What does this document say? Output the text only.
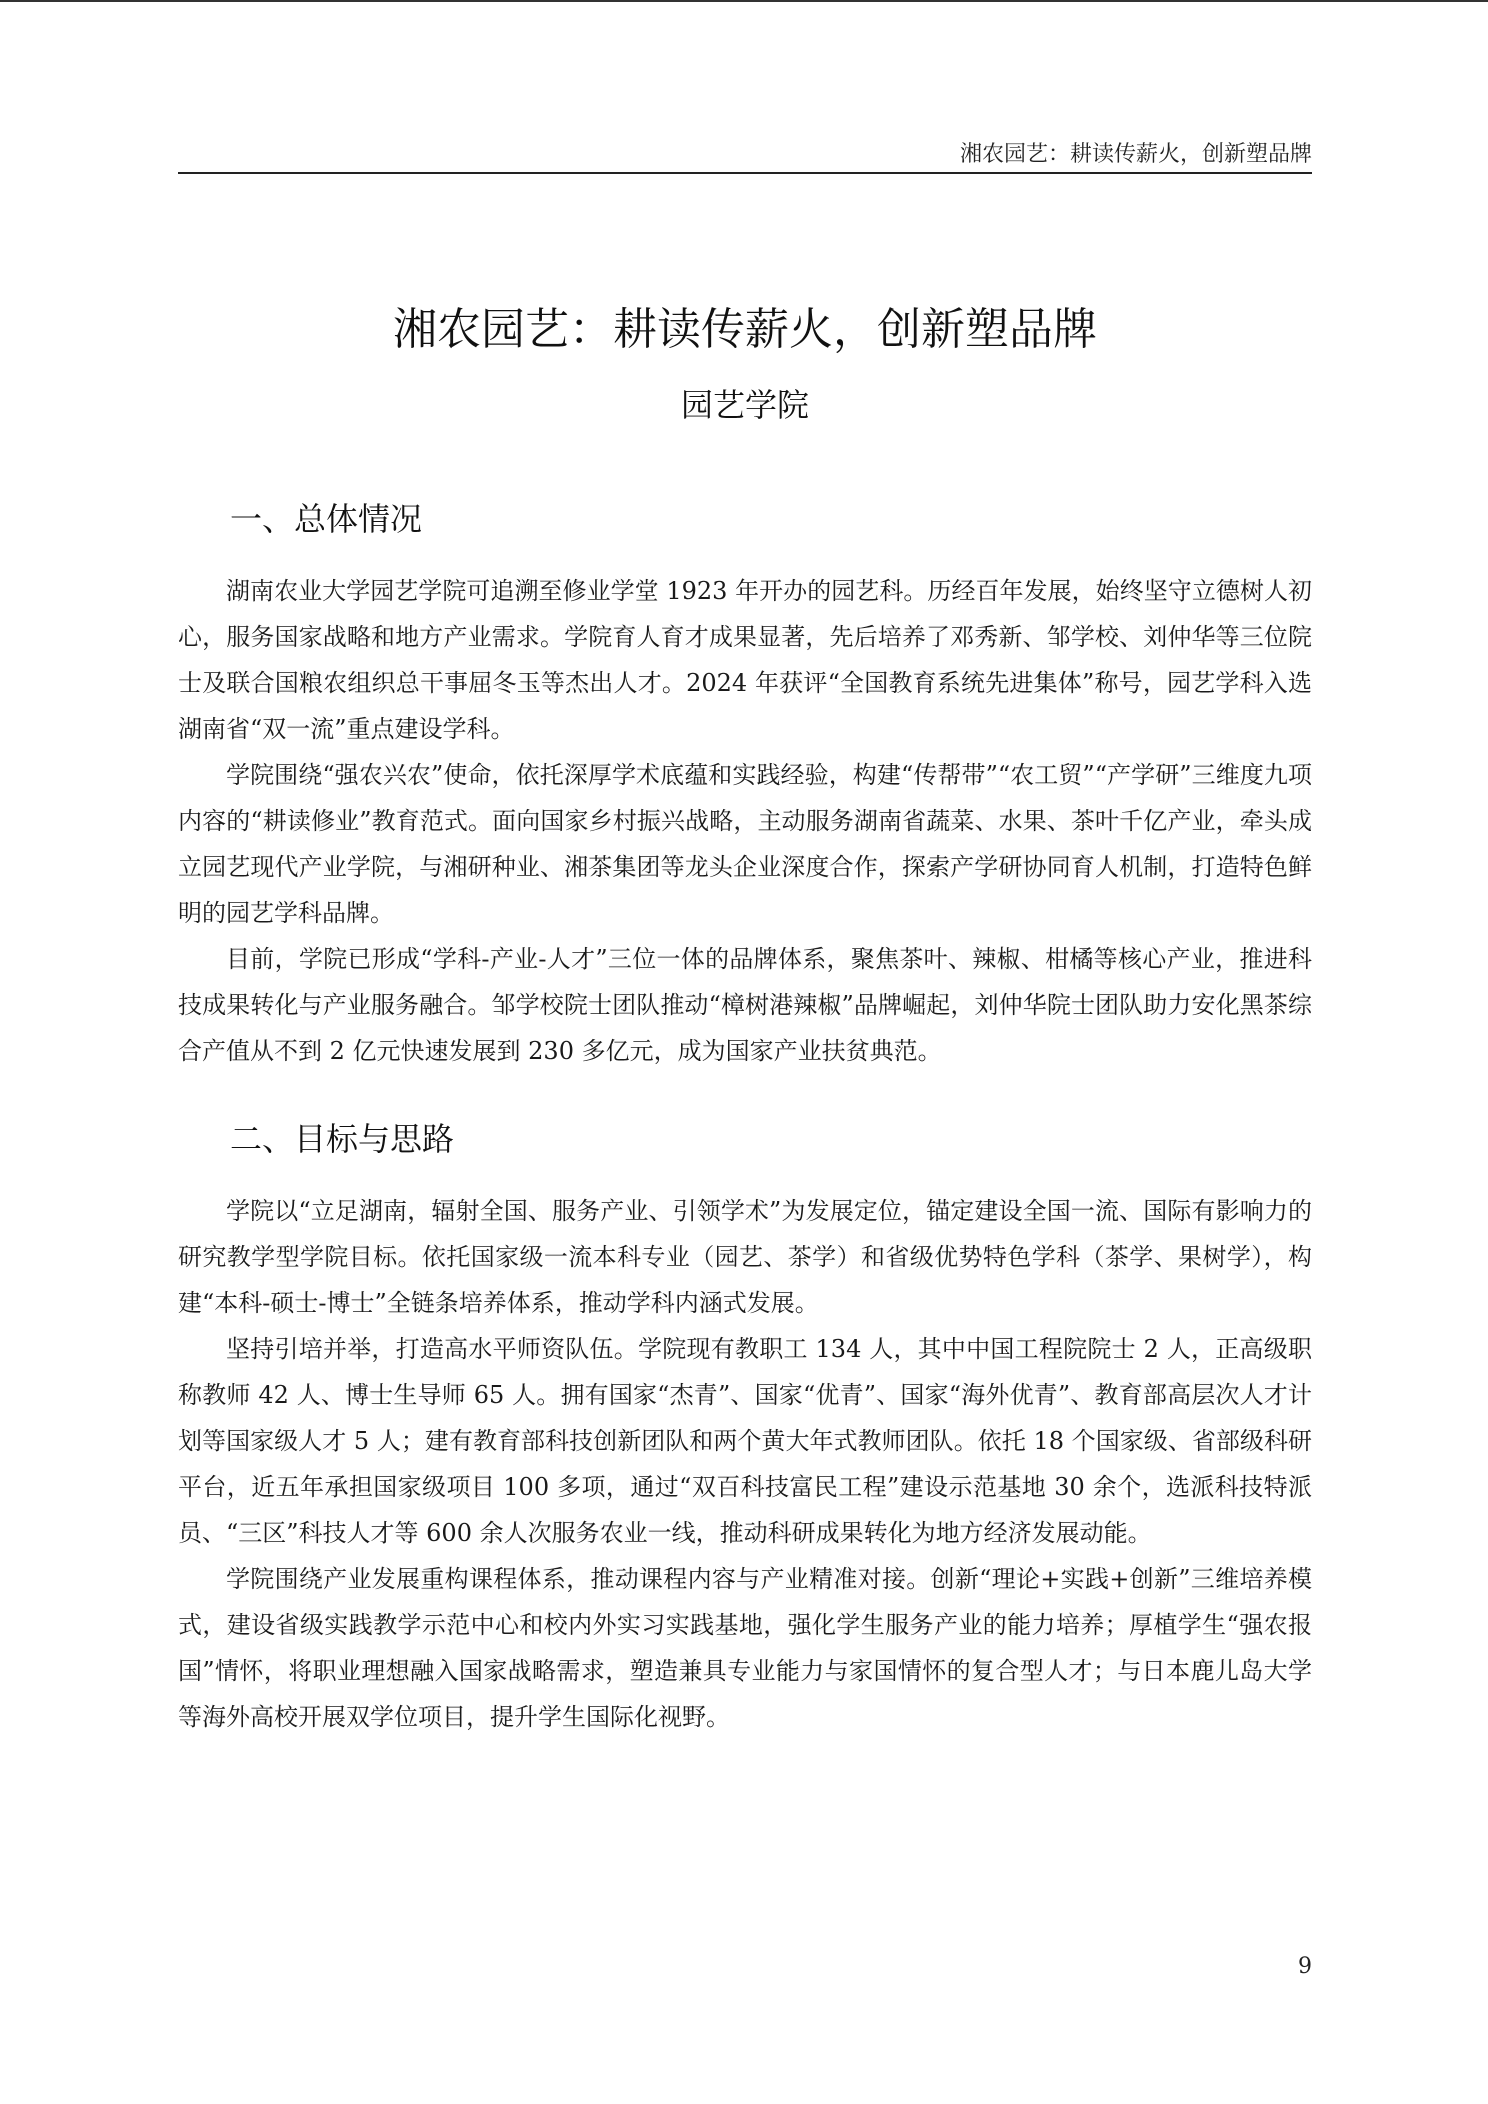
湘农园艺：耕读传薪火，创新塑品牌
湘农园艺：耕读传薪火，创新塑品牌
园艺学院
一、总体情况

湖南农业大学园艺学院可追溯至修业学堂 1923 年开办的园艺科。历经百年发展，始终坚守立德树人初心，服务国家战略和地方产业需求。学院育人育才成果显著，先后培养了邓秀新、邹学校、刘仲华等三位院士及联合国粮农组织总干事屈冬玉等杰出人才。2024 年获评“全国教育系统先进集体”称号，园艺学科入选湖南省“双一流”重点建设学科。

学院围绕“强农兴农”使命，依托深厚学术底蕴和实践经验，构建“传帮带”“农工贸”“产学研”三维度九项内容的“耕读修业”教育范式。面向国家乡村振兴战略，主动服务湖南省蔬菜、水果、茶叶千亿产业，牵头成立园艺现代产业学院，与湘研种业、湘茶集团等龙头企业深度合作，探索产学研协同育人机制，打造特色鲜明的园艺学科品牌。

目前，学院已形成“学科-产业-人才”三位一体的品牌体系，聚焦茶叶、辣椒、柑橘等核心产业，推进科技成果转化与产业服务融合。邹学校院士团队推动“樟树港辣椒”品牌崛起，刘仲华院士团队助力安化黑茶综合产值从不到 2 亿元快速发展到 230 多亿元，成为国家产业扶贫典范。

二、目标与思路

学院以“立足湖南，辐射全国、服务产业、引领学术”为发展定位，锚定建设全国一流、国际有影响力的研究教学型学院目标。依托国家级一流本科专业（园艺、茶学）和省级优势特色学科（茶学、果树学），构建“本科-硕士-博士”全链条培养体系，推动学科内涵式发展。

坚持引培并举，打造高水平师资队伍。学院现有教职工 134 人，其中中国工程院院士 2 人，正高级职称教师 42 人、博士生导师 65 人。拥有国家“杰青”、国家“优青”、国家“海外优青”、教育部高层次人才计划等国家级人才 5 人；建有教育部科技创新团队和两个黄大年式教师团队。依托 18 个国家级、省部级科研平台，近五年承担国家级项目 100 多项，通过“双百科技富民工程”建设示范基地 30 余个，选派科技特派员、“三区”科技人才等 600 余人次服务农业一线，推动科研成果转化为地方经济发展动能。

学院围绕产业发展重构课程体系，推动课程内容与产业精准对接。创新“理论+实践+创新”三维培养模式，建设省级实践教学示范中心和校内外实习实践基地，强化学生服务产业的能力培养；厚植学生“强农报国”情怀，将职业理想融入国家战略需求，塑造兼具专业能力与家国情怀的复合型人才；与日本鹿儿岛大学等海外高校开展双学位项目，提升学生国际化视野。

9
